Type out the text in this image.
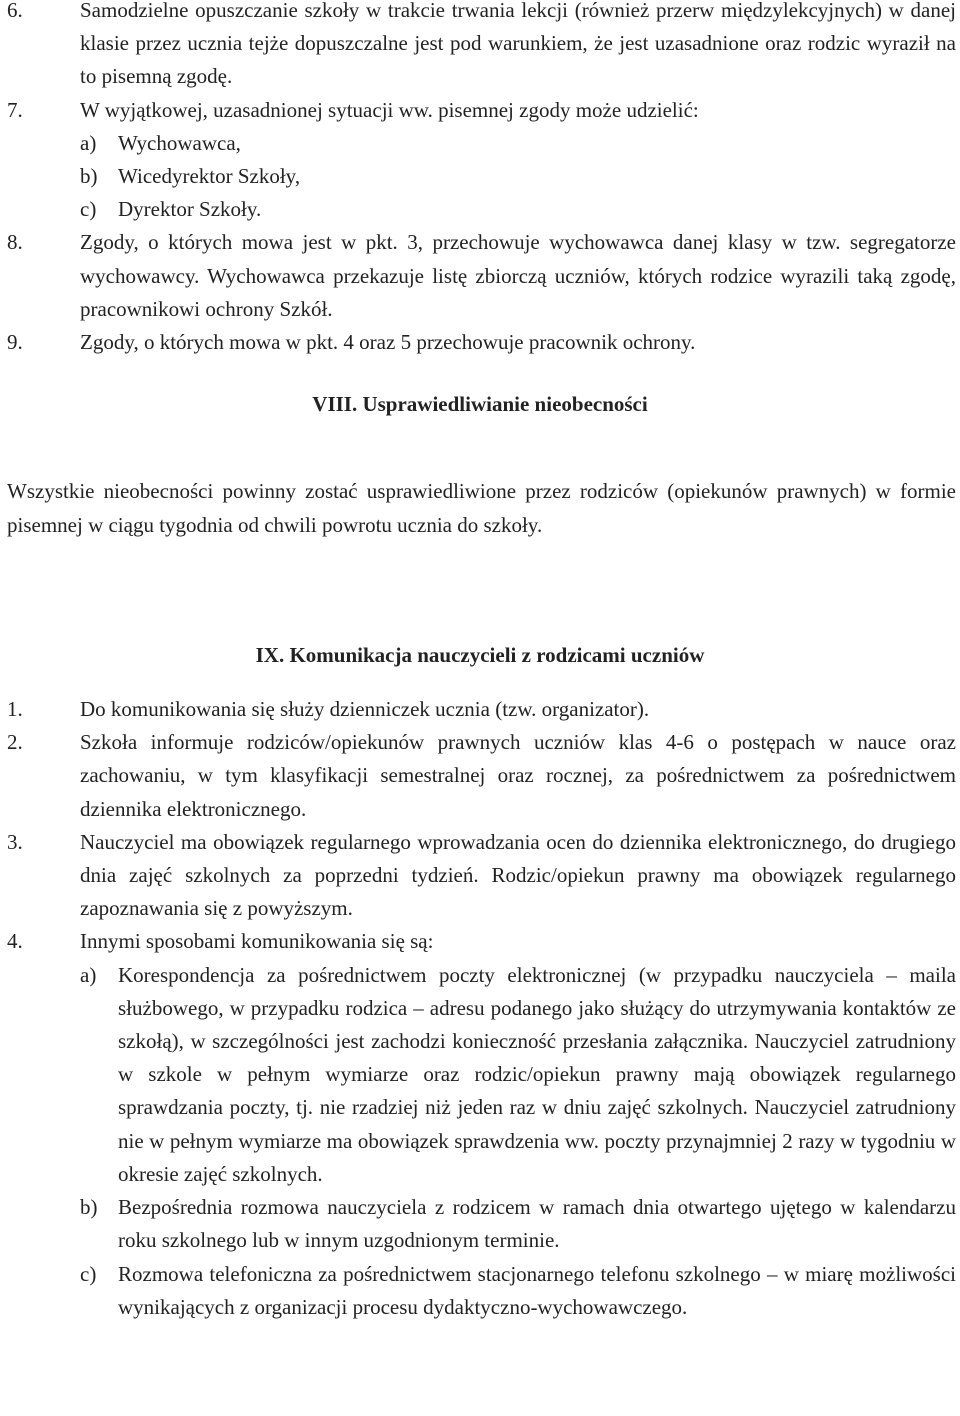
6.	Samodzielne opuszczanie szkoły w trakcie trwania lekcji (również przerw międzylekcyjnych) w danej klasie przez ucznia tejże dopuszczalne jest pod warunkiem, że jest uzasadnione oraz rodzic wyraził na to pisemną zgodę.
7.	W wyjątkowej, uzasadnionej sytuacji ww. pisemnej zgody może udzielić:
a) Wychowawca,
b) Wicedyrektor Szkoły,
c) Dyrektor Szkoły.
8.	Zgody, o których mowa jest w pkt. 3, przechowuje wychowawca danej klasy w tzw. segregatorze wychowawcy. Wychowawca przekazuje listę zbiorczą uczniów, których rodzice wyrazili taką zgodę, pracownikowi ochrony Szkół.
9.	Zgody, o których mowa w pkt. 4 oraz 5 przechowuje pracownik ochrony.
VIII. Usprawiedliwianie nieobecności
Wszystkie nieobecności powinny zostać usprawiedliwione przez rodziców (opiekunów prawnych) w formie pisemnej w ciągu tygodnia od chwili powrotu ucznia do szkoły.
IX. Komunikacja nauczycieli z rodzicami uczniów
1.	Do komunikowania się służy dzienniczek ucznia (tzw. organizator).
2.	Szkoła informuje rodziców/opiekunów prawnych uczniów klas 4-6 o postępach w nauce oraz zachowaniu, w tym klasyfikacji semestralnej oraz rocznej, za pośrednictwem za pośrednictwem dziennika elektronicznego.
3.	Nauczyciel ma obowiązek regularnego wprowadzania ocen do dziennika elektronicznego, do drugiego dnia zajęć szkolnych za poprzedni tydzień. Rodzic/opiekun prawny ma obowiązek regularnego zapoznawania się z powyższym.
4.	Innymi sposobami komunikowania się są:
a) Korespondencja za pośrednictwem poczty elektronicznej (w przypadku nauczyciela – maila służbowego, w przypadku rodzica – adresu podanego jako służący do utrzymywania kontaktów ze szkołą), w szczególności jest zachodzi konieczność przesłania załącznika. Nauczyciel zatrudniony w szkole w pełnym wymiarze oraz rodzic/opiekun prawny mają obowiązek regularnego sprawdzania poczty, tj. nie rzadziej niż jeden raz w dniu zajęć szkolnych. Nauczyciel zatrudniony nie w pełnym wymiarze ma obowiązek sprawdzenia ww. poczty przynajmniej 2 razy w tygodniu w okresie zajęć szkolnych.
b) Bezpośrednia rozmowa nauczyciela z rodzicem w ramach dnia otwartego ujętego w kalendarzu roku szkolnego lub w innym uzgodnionym terminie.
c) Rozmowa telefoniczna za pośrednictwem stacjonarnego telefonu szkolnego – w miarę możliwości wynikających z organizacji procesu dydaktyczno-wychowawczego.
